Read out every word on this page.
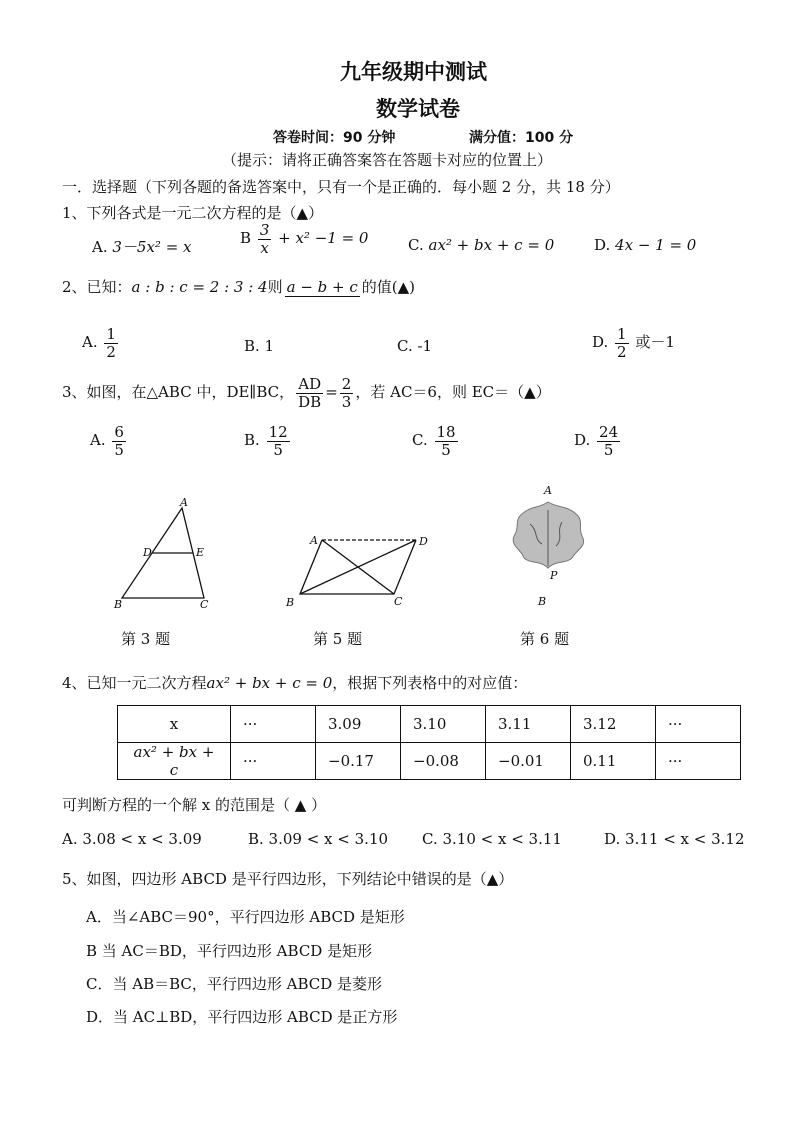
九年级期中测试
数学试卷
答卷时间：90 分钟	满分值：100 分
（提示：请将正确答案答在答题卡对应的位置上）
一．选择题（下列各题的备选答案中，只有一个是正确的．每小题 2 分，共 18 分）
1、下列各式是一元二次方程的是（▲）
A. 3－5x² = x	B $\frac{3}{x} + x^2 -1 = 0$	C. ax² + bx + c = 0	D. 4x − 1 = 0
2、已知：a : b : c = 2 : 3 : 4则 a − b + c 的值(▲)
A. $\frac{1}{2}$	B. 1	C. -1	D. $\frac{1}{2}$ 或－1
3、如图，在△ABC 中，DE∥BC， $\frac{AD}{DB} = \frac{2}{3}$ ，若 AC＝6，则 EC＝（▲）
A. $\frac{6}{5}$	B. $\frac{12}{5}$	C. $\frac{18}{5}$	D. $\frac{24}{5}$
A
D	E
B	C
第 3 题
A	D
B	C
第 5 题
A
P
B
第 6 题
4、已知一元二次方程ax² + bx + c = 0，根据下列表格中的对应值：
x	···	3.09	3.10	3.11	3.12	···
ax² + bx + c	···	−0.17	−0.08	−0.01	0.11	···
可判断方程的一个解 x 的范围是（ ▲ ）
A. 3.08 < x < 3.09	B. 3.09 < x < 3.10 C. 3.10 < x < 3.11	D. 3.11 < x < 3.12
5、如图，四边形 ABCD 是平行四边形，下列结论中错误的是（▲）
A．当∠ABC＝90°，平行四边形 ABCD 是矩形
B 当 AC＝BD，平行四边形 ABCD 是矩形
C．当 AB＝BC，平行四边形 ABCD 是菱形
D．当 AC⊥BD，平行四边形 ABCD 是正方形
